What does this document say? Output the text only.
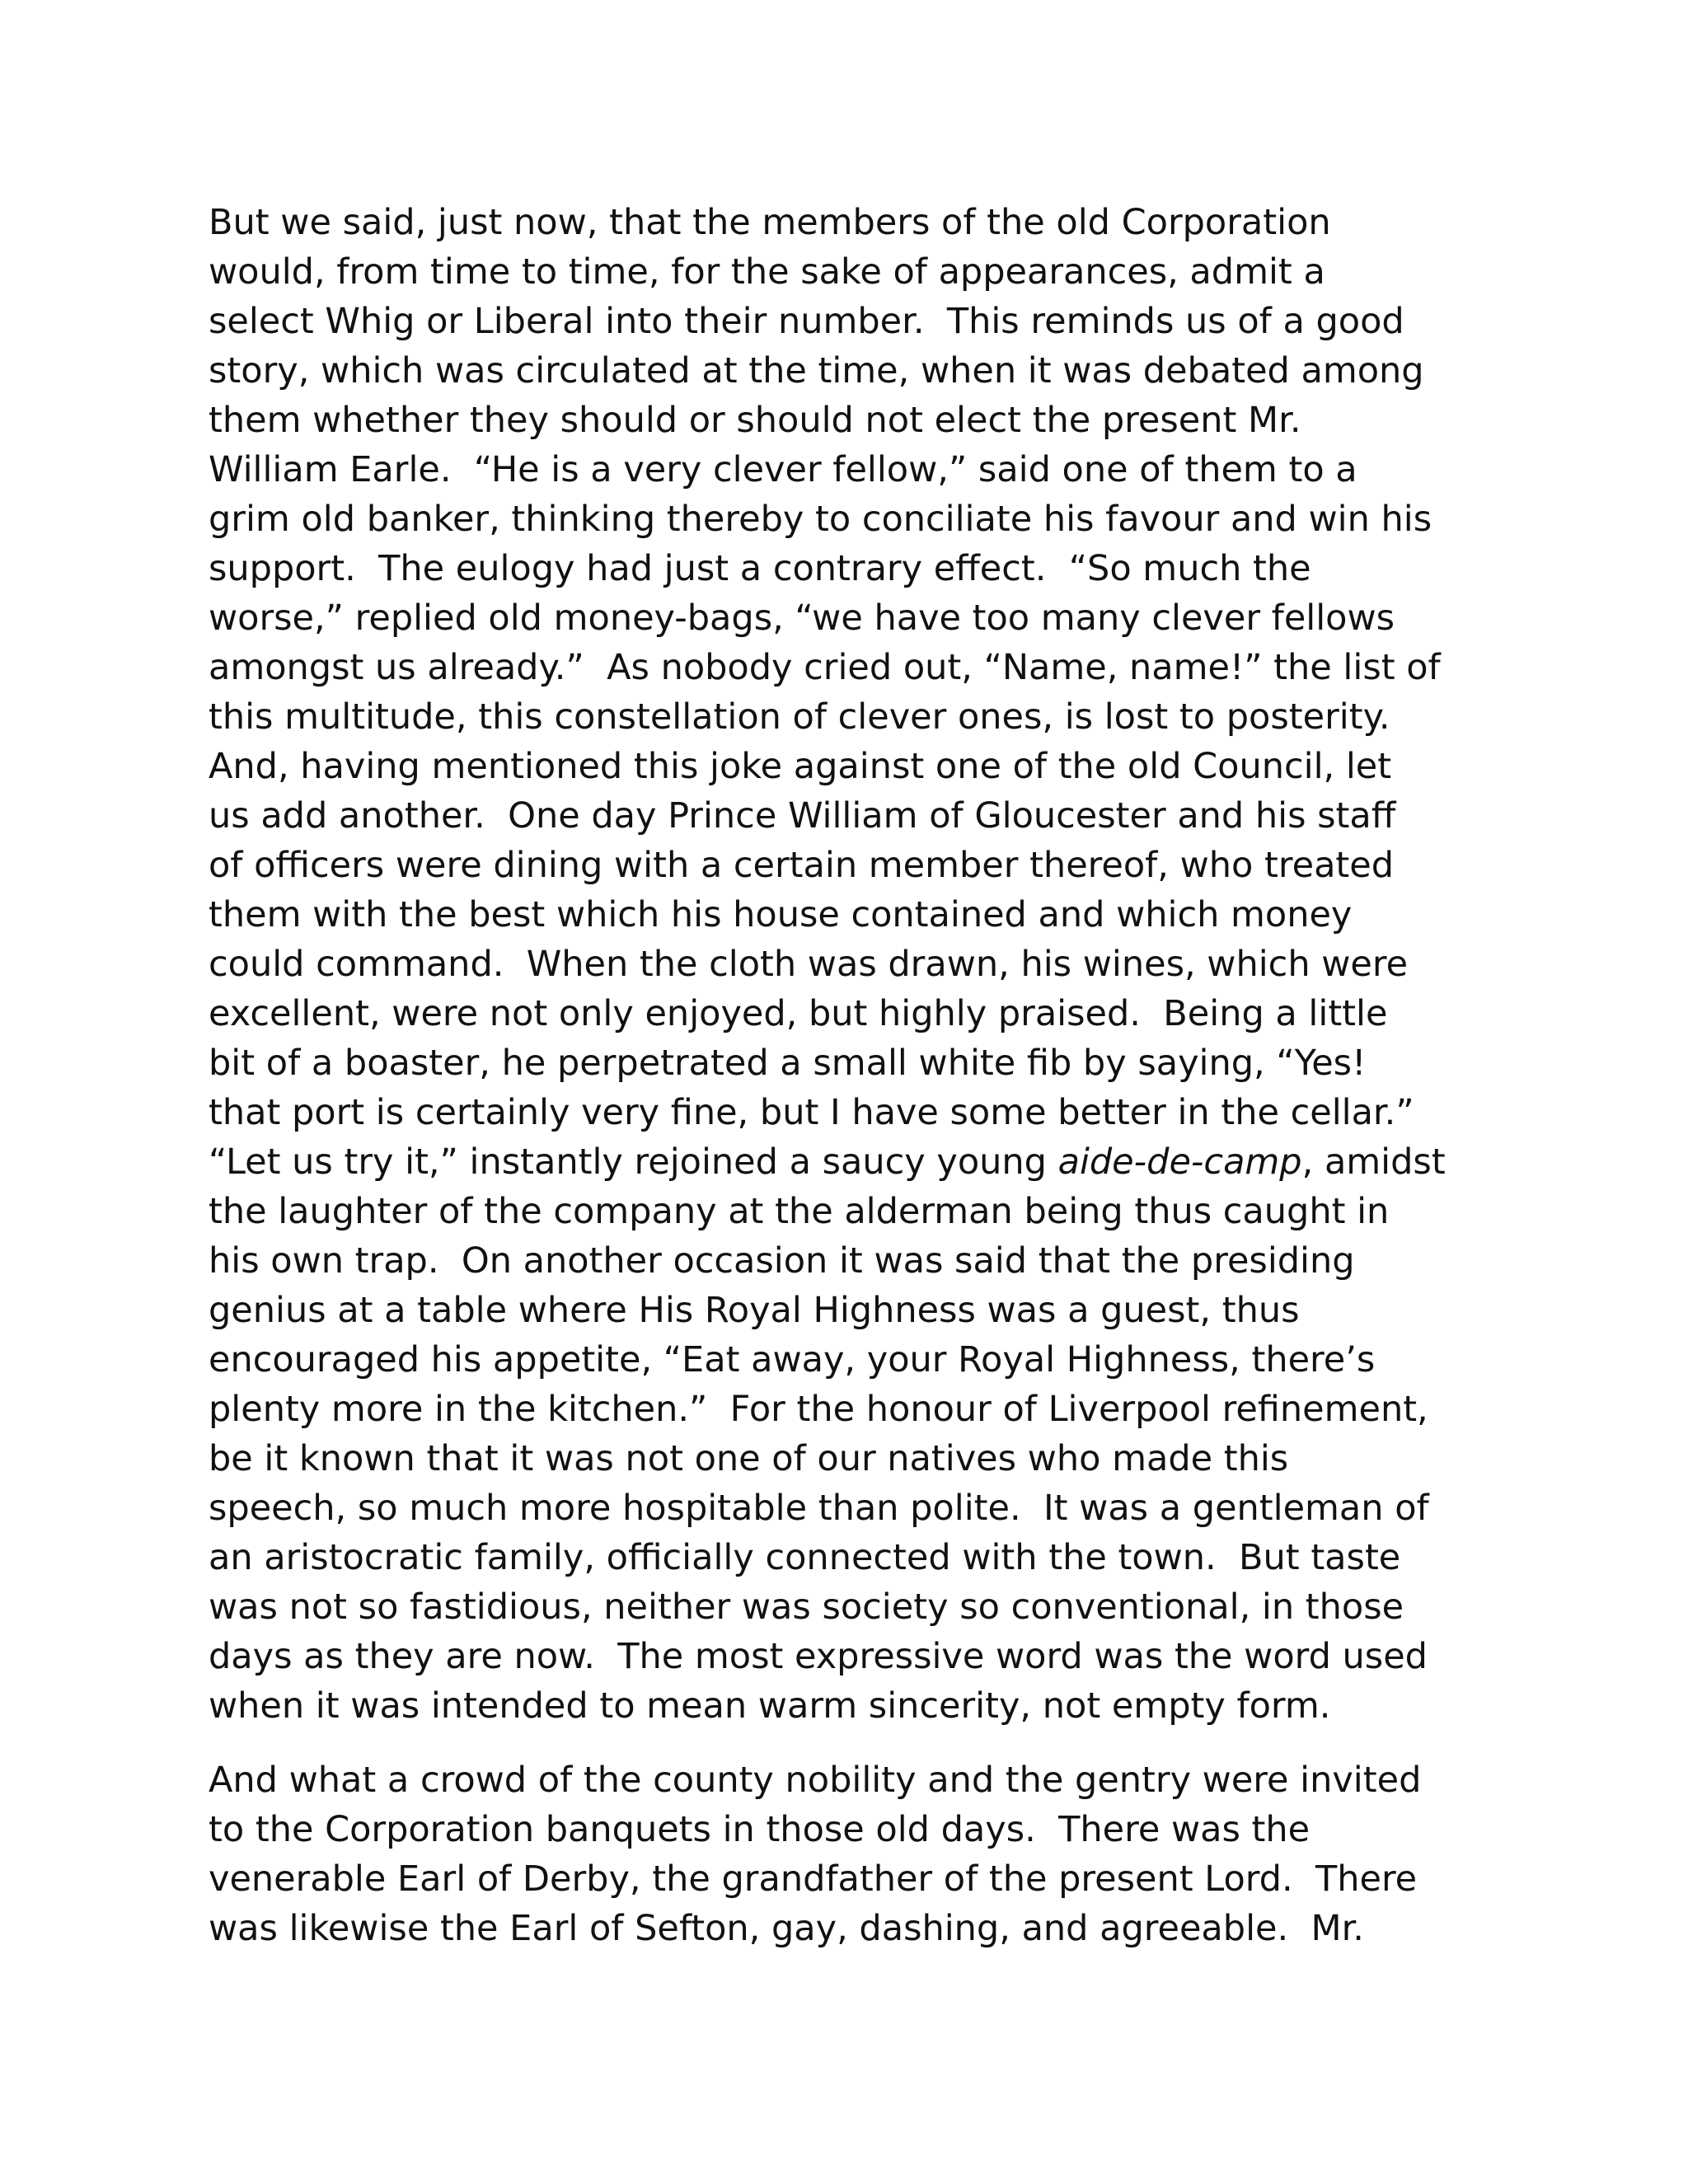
But we said, just now, that the members of the old Corporation
would, from time to time, for the sake of appearances, admit a
select Whig or Liberal into their number.  This reminds us of a good
story, which was circulated at the time, when it was debated among
them whether they should or should not elect the present Mr.
William Earle.  “He is a very clever fellow,” said one of them to a
grim old banker, thinking thereby to conciliate his favour and win his
support.  The eulogy had just a contrary effect.  “So much the
worse,” replied old money-bags, “we have too many clever fellows
amongst us already.”  As nobody cried out, “Name, name!” the list of
this multitude, this constellation of clever ones, is lost to posterity.
And, having mentioned this joke against one of the old Council, let
us add another.  One day Prince William of Gloucester and his staff
of officers were dining with a certain member thereof, who treated
them with the best which his house contained and which money
could command.  When the cloth was drawn, his wines, which were
excellent, were not only enjoyed, but highly praised.  Being a little
bit of a boaster, he perpetrated a small white fib by saying, “Yes!
that port is certainly very fine, but I have some better in the cellar.”
“Let us try it,” instantly rejoined a saucy young aide-de-camp, amidst
the laughter of the company at the alderman being thus caught in
his own trap.  On another occasion it was said that the presiding
genius at a table where His Royal Highness was a guest, thus
encouraged his appetite, “Eat away, your Royal Highness, there’s
plenty more in the kitchen.”  For the honour of Liverpool refinement,
be it known that it was not one of our natives who made this
speech, so much more hospitable than polite.  It was a gentleman of
an aristocratic family, officially connected with the town.  But taste
was not so fastidious, neither was society so conventional, in those
days as they are now.  The most expressive word was the word used
when it was intended to mean warm sincerity, not empty form.
And what a crowd of the county nobility and the gentry were invited
to the Corporation banquets in those old days.  There was the
venerable Earl of Derby, the grandfather of the present Lord.  There
was likewise the Earl of Sefton, gay, dashing, and agreeable.  Mr.
